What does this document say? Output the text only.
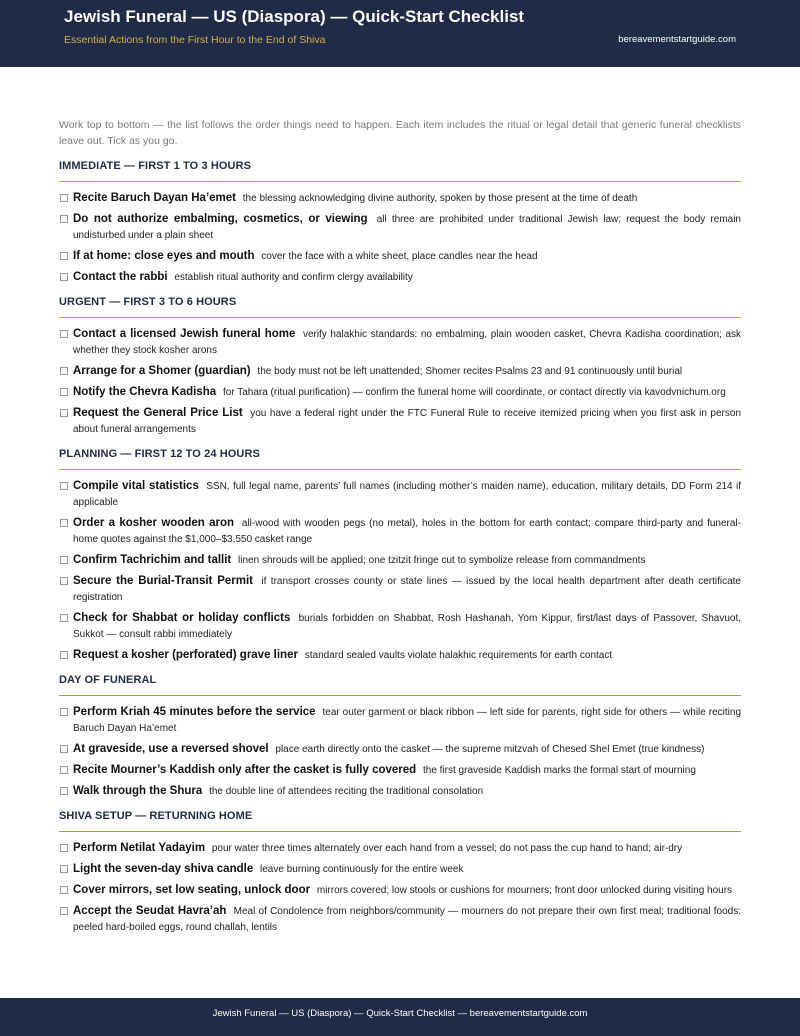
Jewish Funeral — US (Diaspora) — Quick-Start Checklist
Essential Actions from the First Hour to the End of Shiva	bereavementstartguide.com

Work top to bottom — the list follows the order things need to happen. Each item includes the ritual or legal detail that generic funeral checklists leave out. Tick as you go.

IMMEDIATE — FIRST 1 TO 3 HOURS
Recite Baruch Dayan Ha’emet the blessing acknowledging divine authority, spoken by those present at the time of death
Do not authorize embalming, cosmetics, or viewing all three are prohibited under traditional Jewish law; request the body remain undisturbed under a plain sheet
If at home: close eyes and mouth cover the face with a white sheet, place candles near the head
Contact the rabbi establish ritual authority and confirm clergy availability
URGENT — FIRST 3 TO 6 HOURS
Contact a licensed Jewish funeral home verify halakhic standards: no embalming, plain wooden casket, Chevra Kadisha coordination; ask whether they stock kosher arons
Arrange for a Shomer (guardian) the body must not be left unattended; Shomer recites Psalms 23 and 91 continuously until burial
Notify the Chevra Kadisha for Tahara (ritual purification) — confirm the funeral home will coordinate, or contact directly via kavodvnichum.org
Request the General Price List you have a federal right under the FTC Funeral Rule to receive itemized pricing when you first ask in person about funeral arrangements
PLANNING — FIRST 12 TO 24 HOURS
Compile vital statistics SSN, full legal name, parents’ full names (including mother’s maiden name), education, military details, DD Form 214 if applicable
Order a kosher wooden aron all-wood with wooden pegs (no metal), holes in the bottom for earth contact; compare third-party and funeral-home quotes against the $1,000–$3,550 casket range
Confirm Tachrichim and tallit linen shrouds will be applied; one tzitzit fringe cut to symbolize release from commandments
Secure the Burial-Transit Permit if transport crosses county or state lines — issued by the local health department after death certificate registration
Check for Shabbat or holiday conflicts burials forbidden on Shabbat, Rosh Hashanah, Yom Kippur, first/last days of Passover, Shavuot, Sukkot — consult rabbi immediately
Request a kosher (perforated) grave liner standard sealed vaults violate halakhic requirements for earth contact
DAY OF FUNERAL
Perform Kriah 45 minutes before the service tear outer garment or black ribbon — left side for parents, right side for others — while reciting Baruch Dayan Ha’emet
At graveside, use a reversed shovel place earth directly onto the casket — the supreme mitzvah of Chesed Shel Emet (true kindness)
Recite Mourner’s Kaddish only after the casket is fully covered the first graveside Kaddish marks the formal start of mourning
Walk through the Shura the double line of attendees reciting the traditional consolation
SHIVA SETUP — RETURNING HOME
Perform Netilat Yadayim pour water three times alternately over each hand from a vessel; do not pass the cup hand to hand; air-dry
Light the seven-day shiva candle leave burning continuously for the entire week
Cover mirrors, set low seating, unlock door mirrors covered; low stools or cushions for mourners; front door unlocked during visiting hours
Accept the Seudat Havra’ah Meal of Condolence from neighbors/community — mourners do not prepare their own first meal; traditional foods: peeled hard-boiled eggs, round challah, lentils
Jewish Funeral — US (Diaspora) — Quick-Start Checklist — bereavementstartguide.com
